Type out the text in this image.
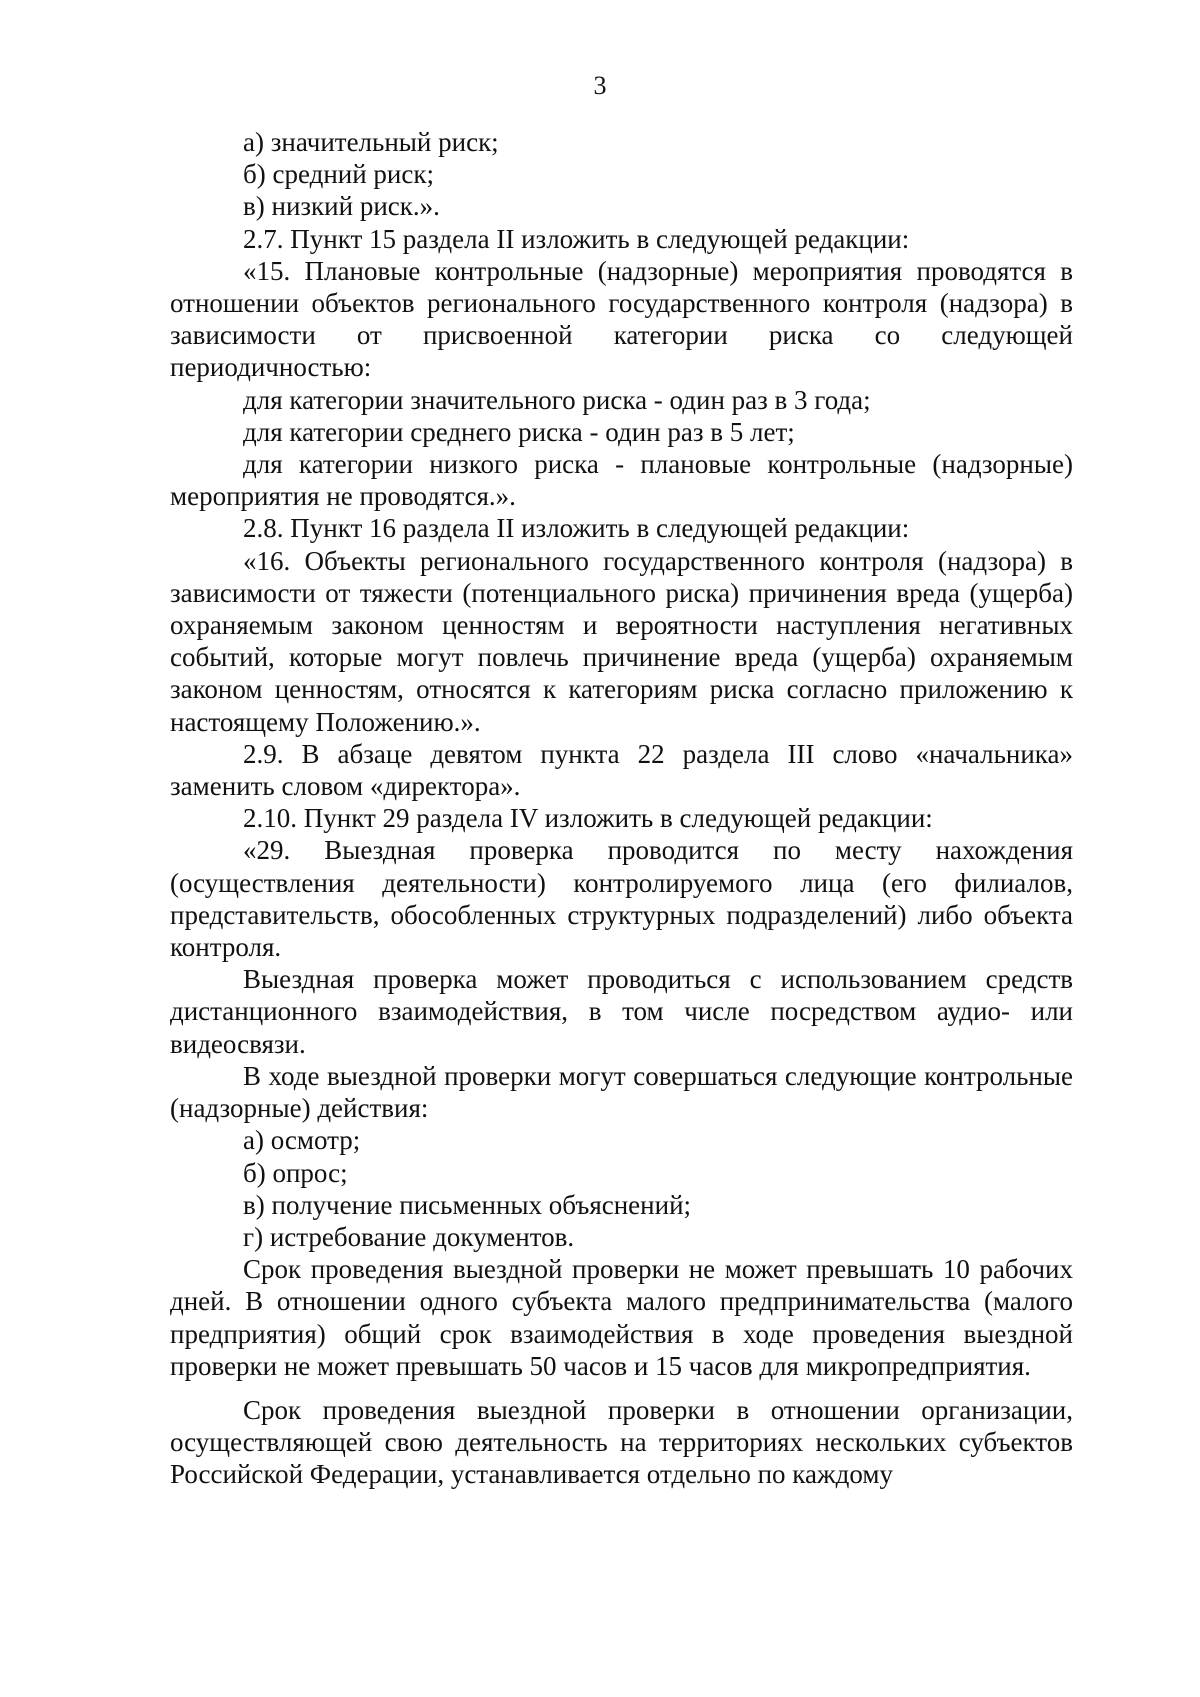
3

а) значительный риск;

б) средний риск;

в) низкий риск.».

2.7. Пункт 15 раздела II изложить в следующей редакции:

«15. Плановые контрольные (надзорные) мероприятия проводятся в отношении объектов регионального государственного контроля (надзора) в зависимости от присвоенной категории риска со следующей периодичностью:

для категории значительного риска - один раз в 3 года;

для категории среднего риска - один раз в 5 лет;

для категории низкого риска - плановые контрольные (надзорные) мероприятия не проводятся.».

2.8. Пункт 16 раздела II изложить в следующей редакции:

«16. Объекты регионального государственного контроля (надзора) в зависимости от тяжести (потенциального риска) причинения вреда (ущерба) охраняемым законом ценностям и вероятности наступления негативных событий, которые могут повлечь причинение вреда (ущерба) охраняемым законом ценностям, относятся к категориям риска согласно приложению к настоящему Положению.».

2.9. В абзаце девятом пункта 22 раздела III слово «начальника» заменить словом «директора».

2.10. Пункт 29 раздела IV изложить в следующей редакции:

«29. Выездная проверка проводится по месту нахождения (осуществления деятельности) контролируемого лица (его филиалов, представительств, обособленных структурных подразделений) либо объекта контроля.

Выездная проверка может проводиться с использованием средств дистанционного взаимодействия, в том числе посредством аудио- или видеосвязи.

В ходе выездной проверки могут совершаться следующие контрольные (надзорные) действия:

а) осмотр;

б) опрос;

в) получение письменных объяснений;

г) истребование документов.

Срок проведения выездной проверки не может превышать 10 рабочих дней. В отношении одного субъекта малого предпринимательства (малого предприятия) общий срок взаимодействия в ходе проведения выездной проверки не может превышать 50 часов и 15 часов для микропредприятия.

Срок проведения выездной проверки в отношении организации, осуществляющей свою деятельность на территориях нескольких субъектов Российской Федерации, устанавливается отдельно по каждому
